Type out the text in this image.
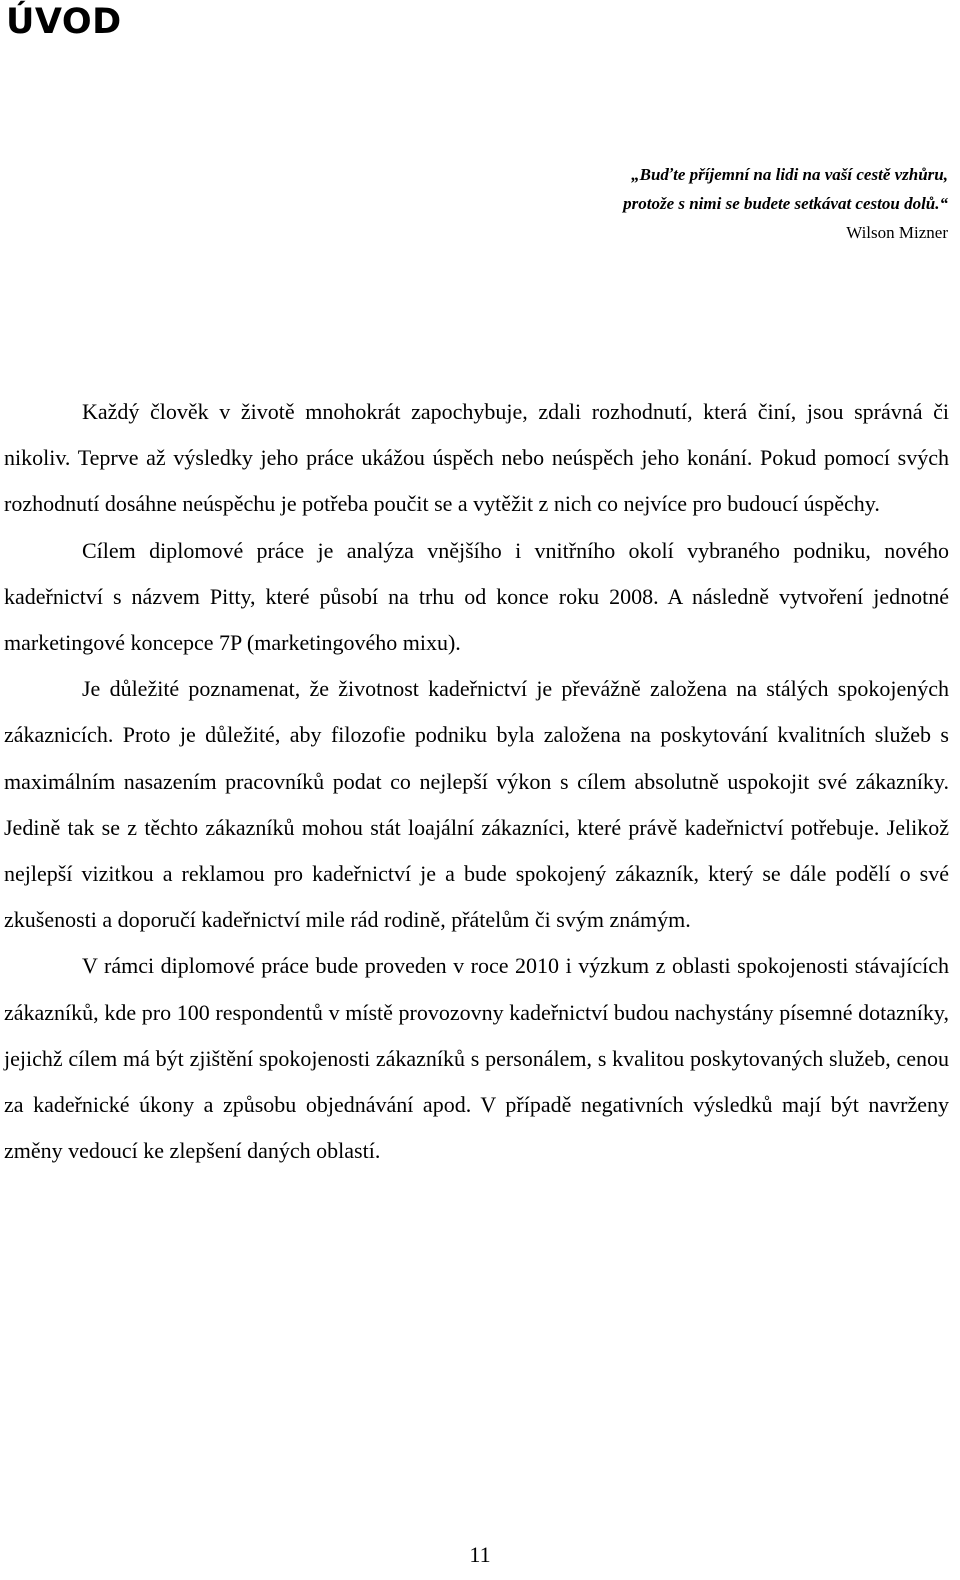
ÚVOD
„Buďte příjemní na lidi na vaší cestě vzhůru,
protože s nimi se budete setkávat cestou dolů.“
Wilson Mizner

Každý člověk v životě mnohokrát zapochybuje, zdali rozhodnutí, která činí, jsou správná či nikoliv. Teprve až výsledky jeho práce ukážou úspěch nebo neúspěch jeho konání. Pokud pomocí svých rozhodnutí dosáhne neúspěchu je potřeba poučit se a vytěžit z nich co nejvíce pro budoucí úspěchy.

Cílem diplomové práce je analýza vnějšího i vnitřního okolí vybraného podniku, nového kadeřnictví s názvem Pitty, které působí na trhu od konce roku 2008. A následně vytvoření jednotné marketingové koncepce 7P (marketingového mixu).

Je důležité poznamenat, že životnost kadeřnictví je převážně založena na stálých spokojených zákaznicích. Proto je důležité, aby filozofie podniku byla založena na poskytování kvalitních služeb s maximálním nasazením pracovníků podat co nejlepší výkon s cílem absolutně uspokojit své zákazníky. Jedině tak se z těchto zákazníků mohou stát loajální zákazníci, které právě kadeřnictví potřebuje. Jelikož nejlepší vizitkou a reklamou pro kadeřnictví je a bude spokojený zákazník, který se dále podělí o své zkušenosti a doporučí kadeřnictví mile rád rodině, přátelům či svým známým.

V rámci diplomové práce bude proveden v roce 2010 i výzkum z oblasti spokojenosti stávajících zákazníků, kde pro 100 respondentů v místě provozovny kadeřnictví budou nachystány písemné dotazníky, jejichž cílem má být zjištění spokojenosti zákazníků s personálem, s kvalitou poskytovaných služeb, cenou za kadeřnické úkony a způsobu objednávání apod. V případě negativních výsledků mají být navrženy změny vedoucí ke zlepšení daných oblastí.

11
